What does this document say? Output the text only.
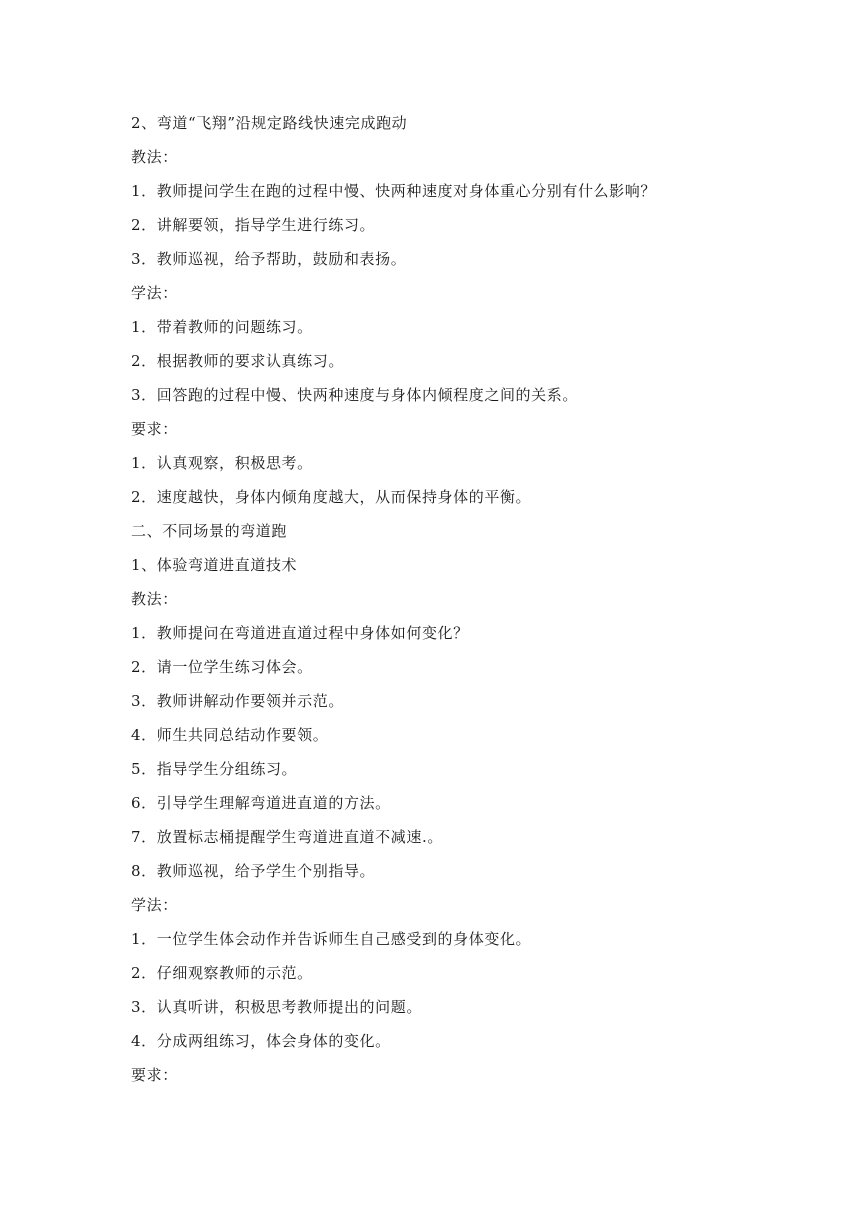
2、弯道“飞翔”沿规定路线快速完成跑动
教法：
1．教师提问学生在跑的过程中慢、快两种速度对身体重心分别有什么影响？
2．讲解要领，指导学生进行练习。
3．教师巡视，给予帮助，鼓励和表扬。
学法：
1．带着教师的问题练习。
2．根据教师的要求认真练习。
3．回答跑的过程中慢、快两种速度与身体内倾程度之间的关系。
要求：
1．认真观察，积极思考。
2．速度越快，身体内倾角度越大，从而保持身体的平衡。
二、不同场景的弯道跑
1、体验弯道进直道技术
教法：
1．教师提问在弯道进直道过程中身体如何变化？
2．请一位学生练习体会。
3．教师讲解动作要领并示范。
4．师生共同总结动作要领。
5．指导学生分组练习。
6．引导学生理解弯道进直道的方法。
7．放置标志桶提醒学生弯道进直道不减速.。
8．教师巡视，给予学生个别指导。
学法：
1．一位学生体会动作并告诉师生自己感受到的身体变化。
2．仔细观察教师的示范。
3．认真听讲，积极思考教师提出的问题。
4．分成两组练习，体会身体的变化。
要求：
